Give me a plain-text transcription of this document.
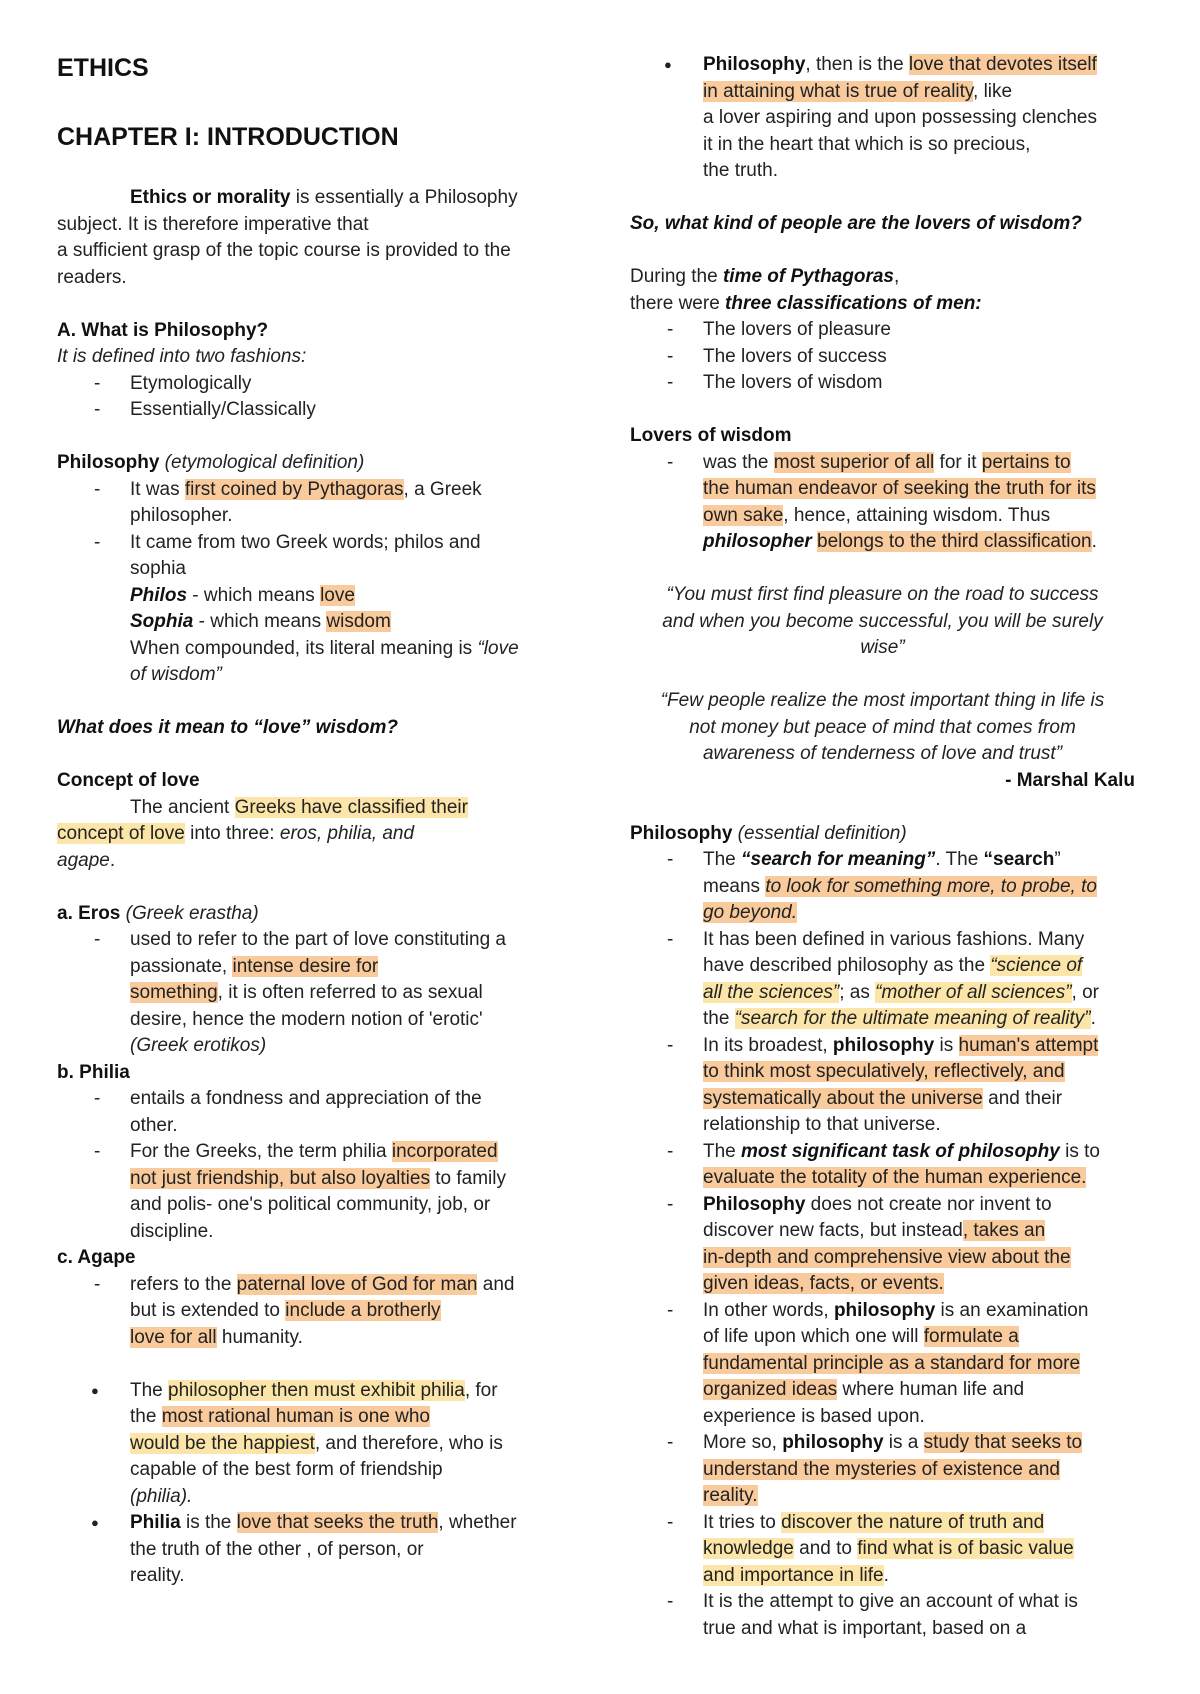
ETHICS
CHAPTER I: INTRODUCTION

Ethics or morality is essentially a Philosophy

subject. It is therefore imperative that

a sufficient grasp of the topic course is provided to the

readers.

A. What is Philosophy?

It is defined into two fashions:

- Etymologically
- Essentially/Classically

Philosophy (etymological definition)

- It was first coined by Pythagoras, a Greek
philosopher.
- It came from two Greek words; philos and
sophia

Philos - which means love

Sophia - which means wisdom

When compounded, its literal meaning is “love

of wisdom”

What does it mean to “love” wisdom?

Concept of love

The ancient Greeks have classified their

concept of love into three: eros, philia, and

agape.

a. Eros (Greek erastha)

- used to refer to the part of love constituting a
passionate, intense desire for
something, it is often referred to as sexual
desire, hence the modern notion of 'erotic'
(Greek erotikos)

b. Philia

- entails a fondness and appreciation of the
other.
- For the Greeks, the term philia incorporated
not just friendship, but also loyalties to family
and polis- one's political community, job, or
discipline.

c. Agape

- refers to the paternal love of God for man and
but is extended to include a brotherly
love for all humanity.
● The philosopher then must exhibit philia, for
the most rational human is one who
would be the happiest, and therefore, who is
capable of the best form of friendship
(philia).
● Philia is the love that seeks the truth, whether
the truth of the other , of person, or
reality.
● Philosophy, then is the love that devotes itself
in attaining what is true of reality, like
a lover aspiring and upon possessing clenches
it in the heart that which is so precious,
the truth.

So, what kind of people are the lovers of wisdom?

During the time of Pythagoras,

there were three classifications of men:

- The lovers of pleasure
- The lovers of success
- The lovers of wisdom

Lovers of wisdom

- was the most superior of all for it pertains to
the human endeavor of seeking the truth for its
own sake, hence, attaining wisdom. Thus
philosopher belongs to the third classification.

“You must first find pleasure on the road to success

and when you become successful, you will be surely

wise”

“Few people realize the most important thing in life is

not money but peace of mind that comes from

awareness of tenderness of love and trust”

- Marshal Kalu

Philosophy (essential definition)

- The “search for meaning”. The “search”
means to look for something more, to probe, to
go beyond.
- It has been defined in various fashions. Many
have described philosophy as the “science of
all the sciences”; as “mother of all sciences”, or
the “search for the ultimate meaning of reality”.
- In its broadest, philosophy is human's attempt
to think most speculatively, reflectively, and
systematically about the universe and their
relationship to that universe.
- The most significant task of philosophy is to
evaluate the totality of the human experience.
- Philosophy does not create nor invent to
discover new facts, but instead, takes an
in-depth and comprehensive view about the
given ideas, facts, or events.
- In other words, philosophy is an examination
of life upon which one will formulate a
fundamental principle as a standard for more
organized ideas where human life and
experience is based upon.
- More so, philosophy is a study that seeks to
understand the mysteries of existence and
reality.
- It tries to discover the nature of truth and
knowledge and to find what is of basic value
and importance in life.
- It is the attempt to give an account of what is
true and what is important, based on a
